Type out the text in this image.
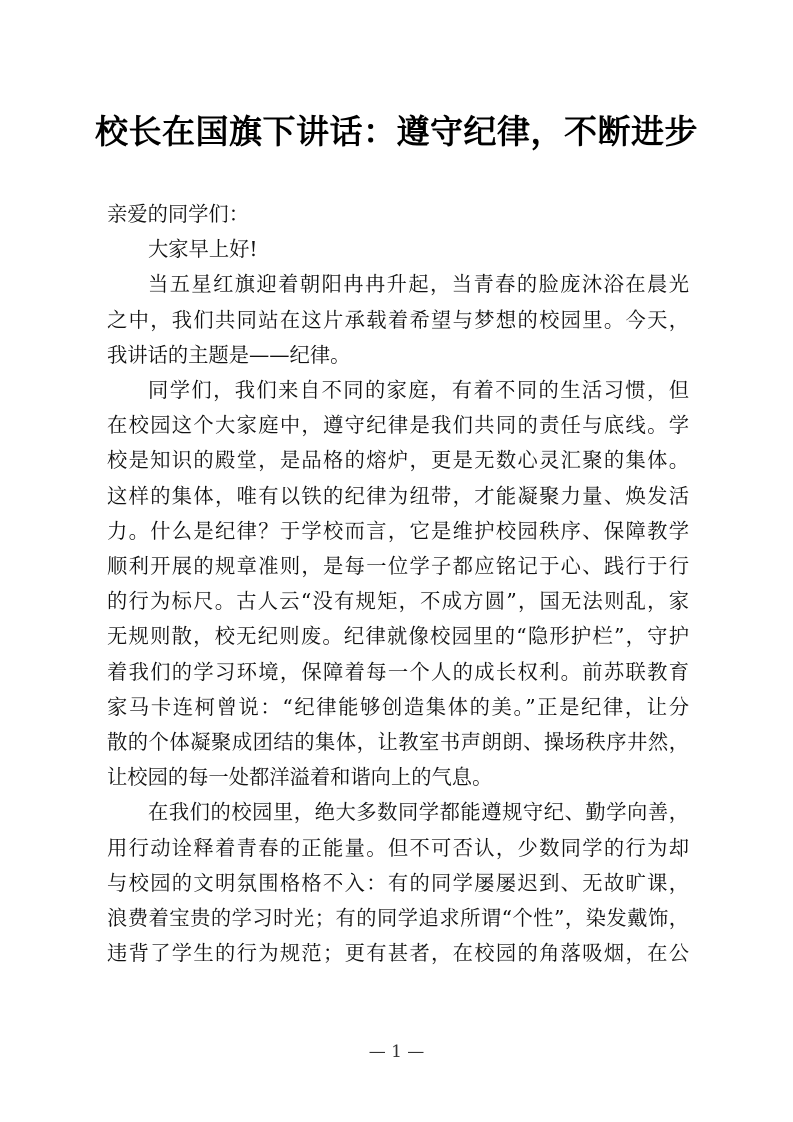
校长在国旗下讲话：遵守纪律，不断进步

亲爱的同学们：

大家早上好!

当五星红旗迎着朝阳冉冉升起，当青春的脸庞沐浴在晨光

之中，我们共同站在这片承载着希望与梦想的校园里。今天，

我讲话的主题是——纪律。

同学们，我们来自不同的家庭，有着不同的生活习惯，但

在校园这个大家庭中，遵守纪律是我们共同的责任与底线。学

校是知识的殿堂，是品格的熔炉，更是无数心灵汇聚的集体。

这样的集体，唯有以铁的纪律为纽带，才能凝聚力量、焕发活

力。什么是纪律？于学校而言，它是维护校园秩序、保障教学

顺利开展的规章准则，是每一位学子都应铭记于心、践行于行

的行为标尺。古人云“没有规矩，不成方圆”，国无法则乱，家

无规则散，校无纪则废。纪律就像校园里的“隐形护栏”，守护

着我们的学习环境，保障着每一个人的成长权利。前苏联教育

家马卡连柯曾说：“纪律能够创造集体的美。”正是纪律，让分

散的个体凝聚成团结的集体，让教室书声朗朗、操场秩序井然，

让校园的每一处都洋溢着和谐向上的气息。

在我们的校园里，绝大多数同学都能遵规守纪、勤学向善，

用行动诠释着青春的正能量。但不可否认，少数同学的行为却

与校园的文明氛围格格不入：有的同学屡屡迟到、无故旷课，

浪费着宝贵的学习时光；有的同学追求所谓“个性”，染发戴饰，

违背了学生的行为规范；更有甚者，在校园的角落吸烟，在公

— 1 —
